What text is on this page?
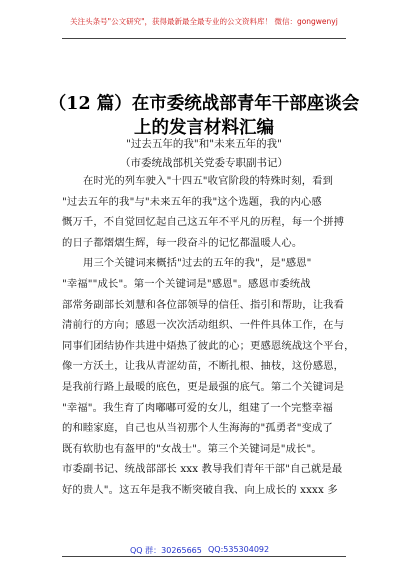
关注头条号"公文研究"，获得最新最全最专业的公文资料库！ 微信：gongwenyj
（12 篇）在市委统战部青年干部座谈会
上的发言材料汇编
"过去五年的我"和"未来五年的我"
（市委统战部机关党委专职副书记）
在时光的列车驶入"十四五"收官阶段的特殊时刻，看到
"过去五年的我"与"未来五年的我"这个选题，我的内心感
慨万千，不自觉回忆起自己这五年不平凡的历程，每一个拼搏
的日子都熠熠生辉，每一段奋斗的记忆都温暖人心。
用三个关键词来概括"过去的五年的我"，是"感恩"
"幸福""成长"。第一个关键词是"感恩"。感恩市委统战
部常务副部长刘慧和各位部领导的信任、指引和帮助，让我看
清前行的方向；感恩一次次活动组织、一件件具体工作，在与
同事们团结协作共进中焐热了彼此的心；更感恩统战这个平台，
像一方沃土，让我从青涩幼苗，不断扎根、抽枝，这份感恩，
是我前行路上最暖的底色，更是最强的底气。第二个关键词是
"幸福"。我生育了肉嘟嘟可爱的女儿，组建了一个完整幸福
的和睦家庭，自己也从当初那个人生海海的"孤勇者"变成了
既有软肋也有盔甲的"女战士"。第三个关键词是"成长"。
市委副书记、统战部部长 xxx 教导我们青年干部"自己就是最
好的贵人"。这五年是我不断突破自我、向上成长的 xxxx 多
QQ 群：30265665 QQ:535304092
